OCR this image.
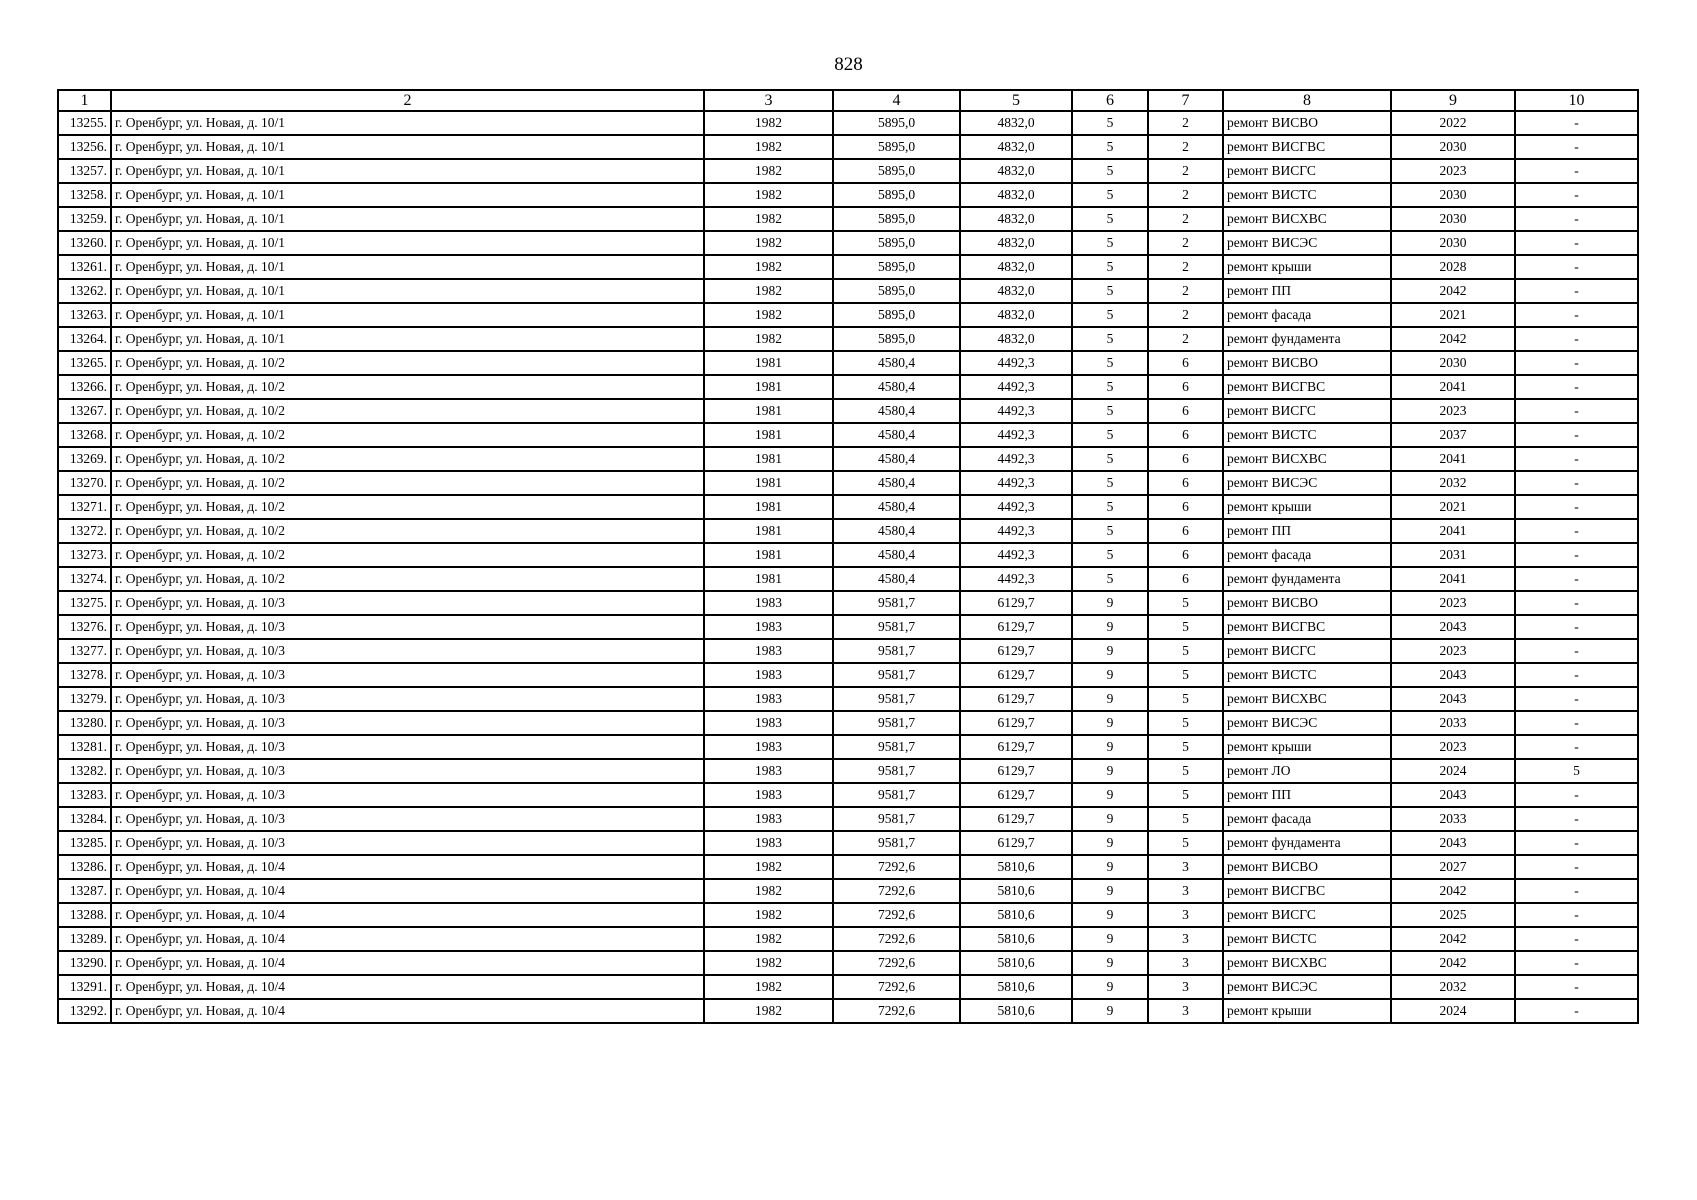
828
1	2	3	4	5	6	7	8	9	10
13255.	г. Оренбург, ул. Новая, д. 10/1	1982	5895,0	4832,0	5	2	ремонт ВИСВО	2022	-
13256.	г. Оренбург, ул. Новая, д. 10/1	1982	5895,0	4832,0	5	2	ремонт ВИСГВС	2030	-
13257.	г. Оренбург, ул. Новая, д. 10/1	1982	5895,0	4832,0	5	2	ремонт ВИСГС	2023	-
13258.	г. Оренбург, ул. Новая, д. 10/1	1982	5895,0	4832,0	5	2	ремонт ВИСТС	2030	-
13259.	г. Оренбург, ул. Новая, д. 10/1	1982	5895,0	4832,0	5	2	ремонт ВИСХВС	2030	-
13260.	г. Оренбург, ул. Новая, д. 10/1	1982	5895,0	4832,0	5	2	ремонт ВИСЭС	2030	-
13261.	г. Оренбург, ул. Новая, д. 10/1	1982	5895,0	4832,0	5	2	ремонт крыши	2028	-
13262.	г. Оренбург, ул. Новая, д. 10/1	1982	5895,0	4832,0	5	2	ремонт ПП	2042	-
13263.	г. Оренбург, ул. Новая, д. 10/1	1982	5895,0	4832,0	5	2	ремонт фасада	2021	-
13264.	г. Оренбург, ул. Новая, д. 10/1	1982	5895,0	4832,0	5	2	ремонт фундамента	2042	-
13265.	г. Оренбург, ул. Новая, д. 10/2	1981	4580,4	4492,3	5	6	ремонт ВИСВО	2030	-
13266.	г. Оренбург, ул. Новая, д. 10/2	1981	4580,4	4492,3	5	6	ремонт ВИСГВС	2041	-
13267.	г. Оренбург, ул. Новая, д. 10/2	1981	4580,4	4492,3	5	6	ремонт ВИСГС	2023	-
13268.	г. Оренбург, ул. Новая, д. 10/2	1981	4580,4	4492,3	5	6	ремонт ВИСТС	2037	-
13269.	г. Оренбург, ул. Новая, д. 10/2	1981	4580,4	4492,3	5	6	ремонт ВИСХВС	2041	-
13270.	г. Оренбург, ул. Новая, д. 10/2	1981	4580,4	4492,3	5	6	ремонт ВИСЭС	2032	-
13271.	г. Оренбург, ул. Новая, д. 10/2	1981	4580,4	4492,3	5	6	ремонт крыши	2021	-
13272.	г. Оренбург, ул. Новая, д. 10/2	1981	4580,4	4492,3	5	6	ремонт ПП	2041	-
13273.	г. Оренбург, ул. Новая, д. 10/2	1981	4580,4	4492,3	5	6	ремонт фасада	2031	-
13274.	г. Оренбург, ул. Новая, д. 10/2	1981	4580,4	4492,3	5	6	ремонт фундамента	2041	-
13275.	г. Оренбург, ул. Новая, д. 10/3	1983	9581,7	6129,7	9	5	ремонт ВИСВО	2023	-
13276.	г. Оренбург, ул. Новая, д. 10/3	1983	9581,7	6129,7	9	5	ремонт ВИСГВС	2043	-
13277.	г. Оренбург, ул. Новая, д. 10/3	1983	9581,7	6129,7	9	5	ремонт ВИСГС	2023	-
13278.	г. Оренбург, ул. Новая, д. 10/3	1983	9581,7	6129,7	9	5	ремонт ВИСТС	2043	-
13279.	г. Оренбург, ул. Новая, д. 10/3	1983	9581,7	6129,7	9	5	ремонт ВИСХВС	2043	-
13280.	г. Оренбург, ул. Новая, д. 10/3	1983	9581,7	6129,7	9	5	ремонт ВИСЭС	2033	-
13281.	г. Оренбург, ул. Новая, д. 10/3	1983	9581,7	6129,7	9	5	ремонт крыши	2023	-
13282.	г. Оренбург, ул. Новая, д. 10/3	1983	9581,7	6129,7	9	5	ремонт ЛО	2024	5
13283.	г. Оренбург, ул. Новая, д. 10/3	1983	9581,7	6129,7	9	5	ремонт ПП	2043	-
13284.	г. Оренбург, ул. Новая, д. 10/3	1983	9581,7	6129,7	9	5	ремонт фасада	2033	-
13285.	г. Оренбург, ул. Новая, д. 10/3	1983	9581,7	6129,7	9	5	ремонт фундамента	2043	-
13286.	г. Оренбург, ул. Новая, д. 10/4	1982	7292,6	5810,6	9	3	ремонт ВИСВО	2027	-
13287.	г. Оренбург, ул. Новая, д. 10/4	1982	7292,6	5810,6	9	3	ремонт ВИСГВС	2042	-
13288.	г. Оренбург, ул. Новая, д. 10/4	1982	7292,6	5810,6	9	3	ремонт ВИСГС	2025	-
13289.	г. Оренбург, ул. Новая, д. 10/4	1982	7292,6	5810,6	9	3	ремонт ВИСТС	2042	-
13290.	г. Оренбург, ул. Новая, д. 10/4	1982	7292,6	5810,6	9	3	ремонт ВИСХВС	2042	-
13291.	г. Оренбург, ул. Новая, д. 10/4	1982	7292,6	5810,6	9	3	ремонт ВИСЭС	2032	-
13292.	г. Оренбург, ул. Новая, д. 10/4	1982	7292,6	5810,6	9	3	ремонт крыши	2024	-
